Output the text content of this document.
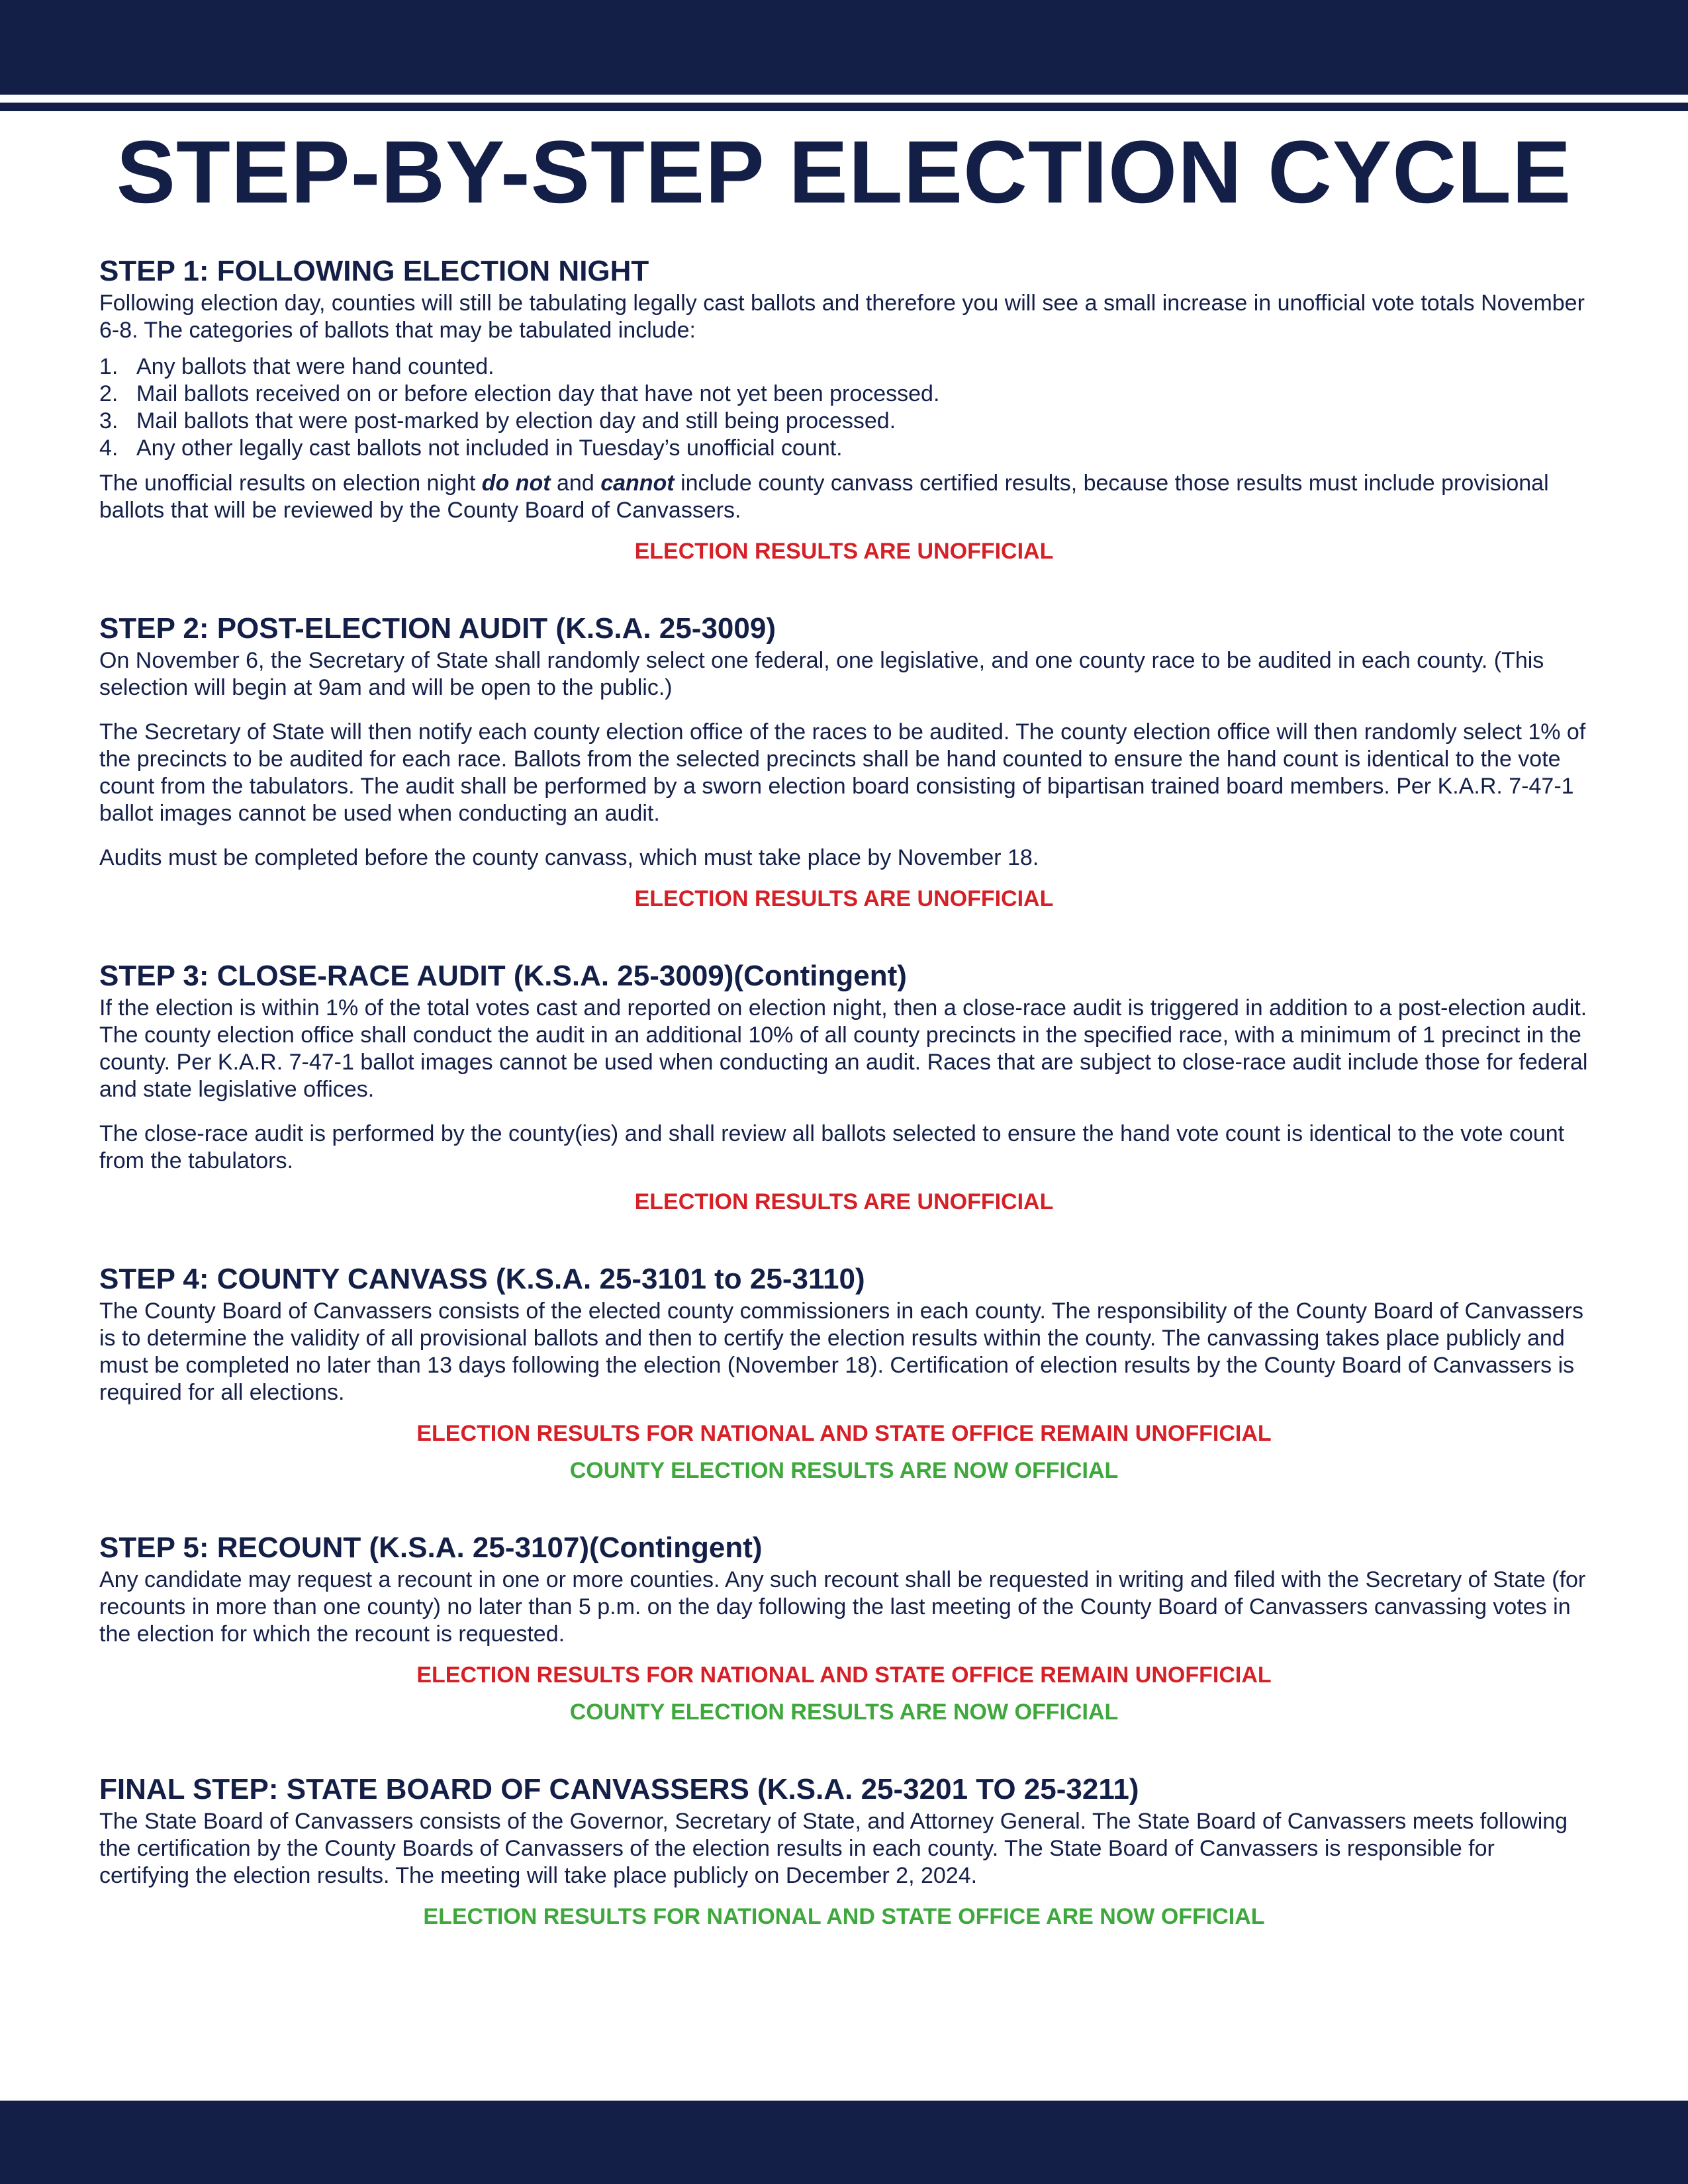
STEP-BY-STEP ELECTION CYCLE
STEP 1: FOLLOWING ELECTION NIGHT

Following election day, counties will still be tabulating legally cast ballots and therefore you will see a small increase in unofficial vote totals November 6-8. The categories of ballots that may be tabulated include:

1. Any ballots that were hand counted.
2. Mail ballots received on or before election day that have not yet been processed.
3. Mail ballots that were post-marked by election day and still being processed.
4. Any other legally cast ballots not included in Tuesday’s unofficial count.

The unofficial results on election night do not and cannot include county canvass certified results, because those results must include provisional ballots that will be reviewed by the County Board of Canvassers.

ELECTION RESULTS ARE UNOFFICIAL
STEP 2: POST-ELECTION AUDIT (K.S.A. 25-3009)

On November 6, the Secretary of State shall randomly select one federal, one legislative, and one county race to be audited in each county. (This selection will begin at 9am and will be open to the public.)

The Secretary of State will then notify each county election office of the races to be audited. The county election office will then randomly select 1% of the precincts to be audited for each race. Ballots from the selected precincts shall be hand counted to ensure the hand count is identical to the vote count from the tabulators. The audit shall be performed by a sworn election board consisting of bipartisan trained board members. Per K.A.R. 7-47-1 ballot images cannot be used when conducting an audit.

Audits must be completed before the county canvass, which must take place by November 18.

ELECTION RESULTS ARE UNOFFICIAL
STEP 3: CLOSE-RACE AUDIT (K.S.A. 25-3009)(Contingent)

If the election is within 1% of the total votes cast and reported on election night, then a close-race audit is triggered in addition to a post-election audit. The county election office shall conduct the audit in an additional 10% of all county precincts in the specified race, with a minimum of 1 precinct in the county. Per K.A.R. 7-47-1 ballot images cannot be used when conducting an audit. Races that are subject to close-race audit include those for federal and state legislative offices.

The close-race audit is performed by the county(ies) and shall review all ballots selected to ensure the hand vote count is identical to the vote count from the tabulators.

ELECTION RESULTS ARE UNOFFICIAL
STEP 4: COUNTY CANVASS (K.S.A. 25-3101 to 25-3110)

The County Board of Canvassers consists of the elected county commissioners in each county. The responsibility of the County Board of Canvassers is to determine the validity of all provisional ballots and then to certify the election results within the county. The canvassing takes place publicly and must be completed no later than 13 days following the election (November 18). Certification of election results by the County Board of Canvassers is required for all elections.

ELECTION RESULTS FOR NATIONAL AND STATE OFFICE REMAIN UNOFFICIAL
COUNTY ELECTION RESULTS ARE NOW OFFICIAL
STEP 5: RECOUNT (K.S.A. 25-3107)(Contingent)

Any candidate may request a recount in one or more counties. Any such recount shall be requested in writing and filed with the Secretary of State (for recounts in more than one county) no later than 5 p.m. on the day following the last meeting of the County Board of Canvassers canvassing votes in the election for which the recount is requested.

ELECTION RESULTS FOR NATIONAL AND STATE OFFICE REMAIN UNOFFICIAL
COUNTY ELECTION RESULTS ARE NOW OFFICIAL
FINAL STEP: STATE BOARD OF CANVASSERS (K.S.A. 25-3201 TO 25-3211)

The State Board of Canvassers consists of the Governor, Secretary of State, and Attorney General. The State Board of Canvassers meets following the certification by the County Boards of Canvassers of the election results in each county. The State Board of Canvassers is responsible for certifying the election results. The meeting will take place publicly on December 2, 2024.

ELECTION RESULTS FOR NATIONAL AND STATE OFFICE ARE NOW OFFICIAL
